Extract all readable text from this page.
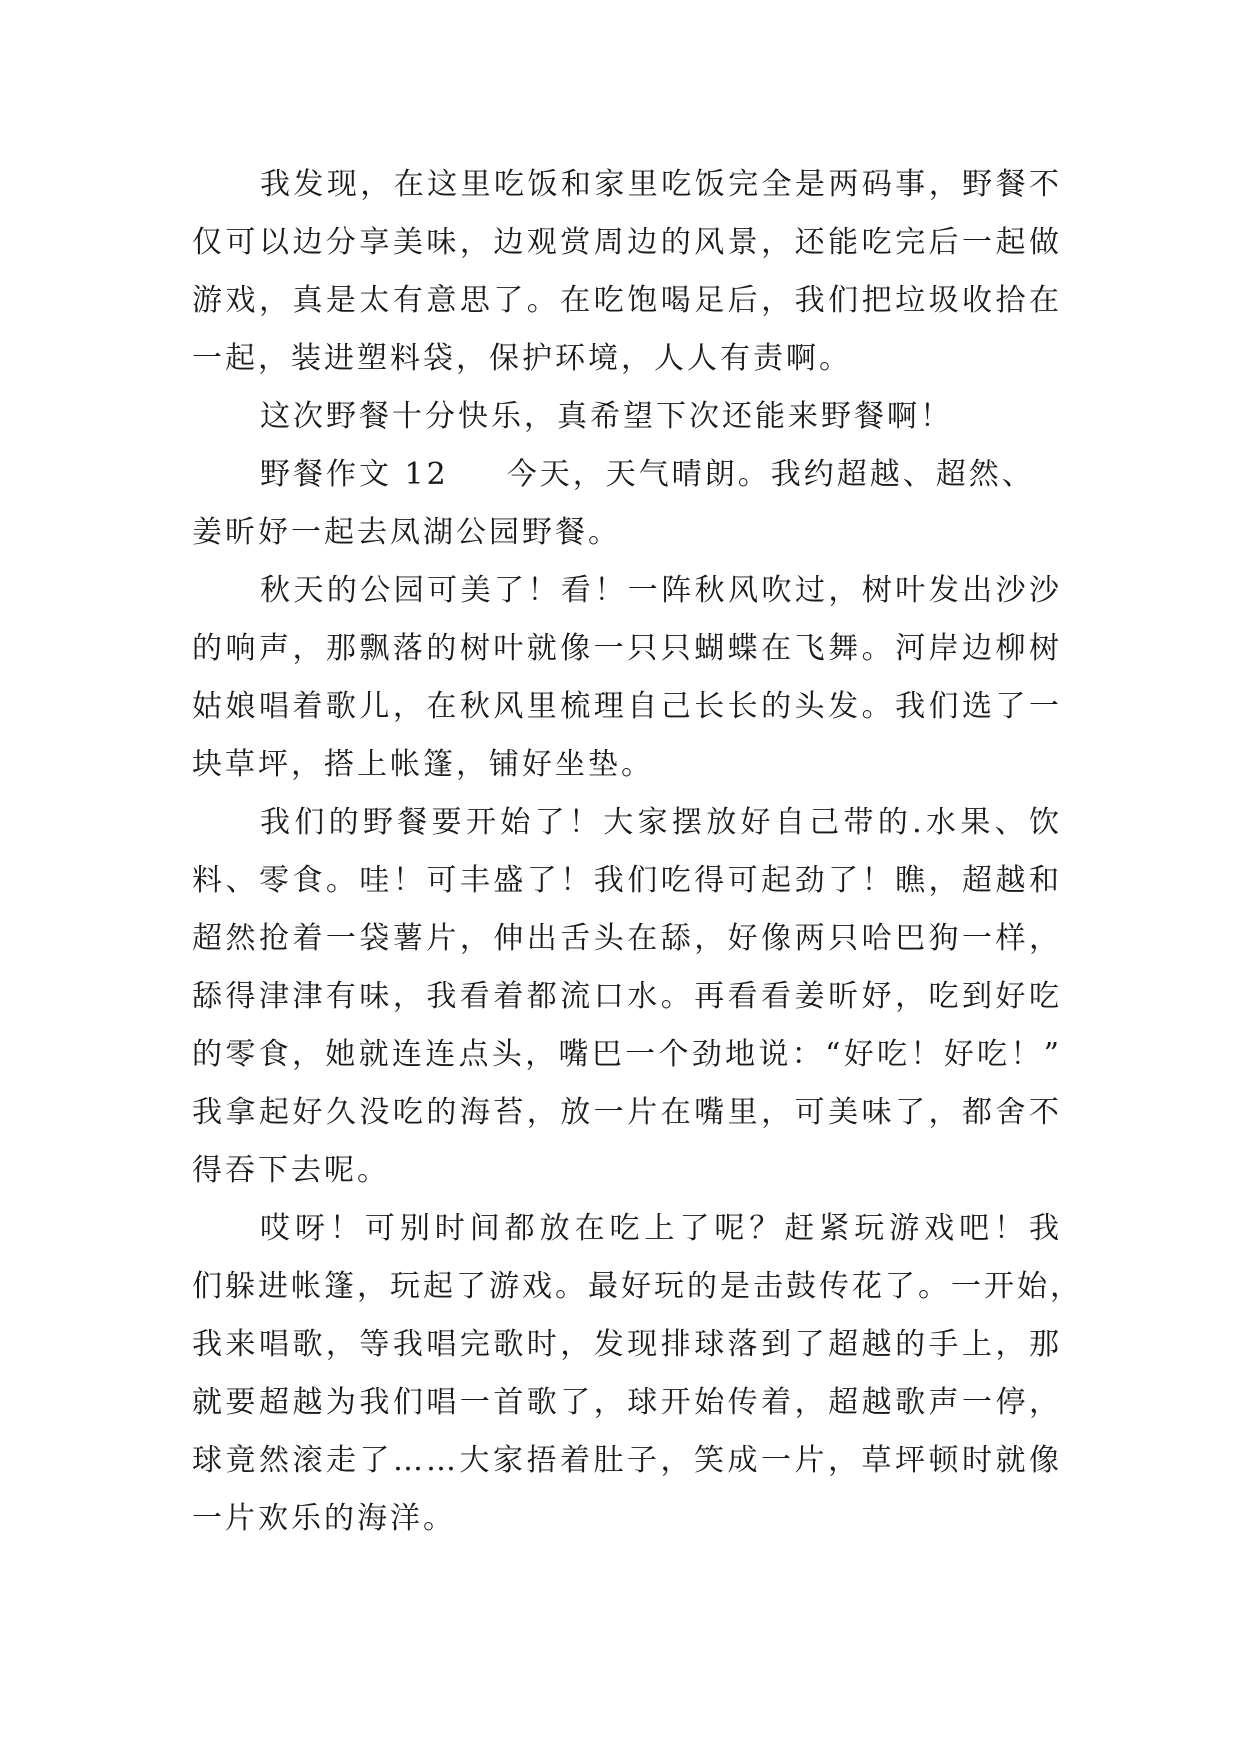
我发现，在这里吃饭和家里吃饭完全是两码事，野餐不
仅可以边分享美味，边观赏周边的风景，还能吃完后一起做
游戏，真是太有意思了。在吃饱喝足后，我们把垃圾收拾在
一起，装进塑料袋，保护环境，人人有责啊。
这次野餐十分快乐，真希望下次还能来野餐啊！
野餐作文 12 今天，天气晴朗。我约超越、超然、
姜昕妤一起去凤湖公园野餐。
秋天的公园可美了！看！一阵秋风吹过，树叶发出沙沙
的响声，那飘落的树叶就像一只只蝴蝶在飞舞。河岸边柳树
姑娘唱着歌儿，在秋风里梳理自己长长的头发。我们选了一
块草坪，搭上帐篷，铺好坐垫。
我们的野餐要开始了！大家摆放好自己带的.水果、饮
料、零食。哇！可丰盛了！我们吃得可起劲了！瞧，超越和
超然抢着一袋薯片，伸出舌头在舔，好像两只哈巴狗一样，
舔得津津有味，我看着都流口水。再看看姜昕妤，吃到好吃
的零食，她就连连点头，嘴巴一个劲地说：“好吃！好吃！”
我拿起好久没吃的海苔，放一片在嘴里，可美味了，都舍不
得吞下去呢。
哎呀！可别时间都放在吃上了呢？赶紧玩游戏吧！我
们躲进帐篷，玩起了游戏。最好玩的是击鼓传花了。一开始，
我来唱歌，等我唱完歌时，发现排球落到了超越的手上，那
就要超越为我们唱一首歌了，球开始传着，超越歌声一停，
球竟然滚走了……大家捂着肚子，笑成一片，草坪顿时就像
一片欢乐的海洋。
